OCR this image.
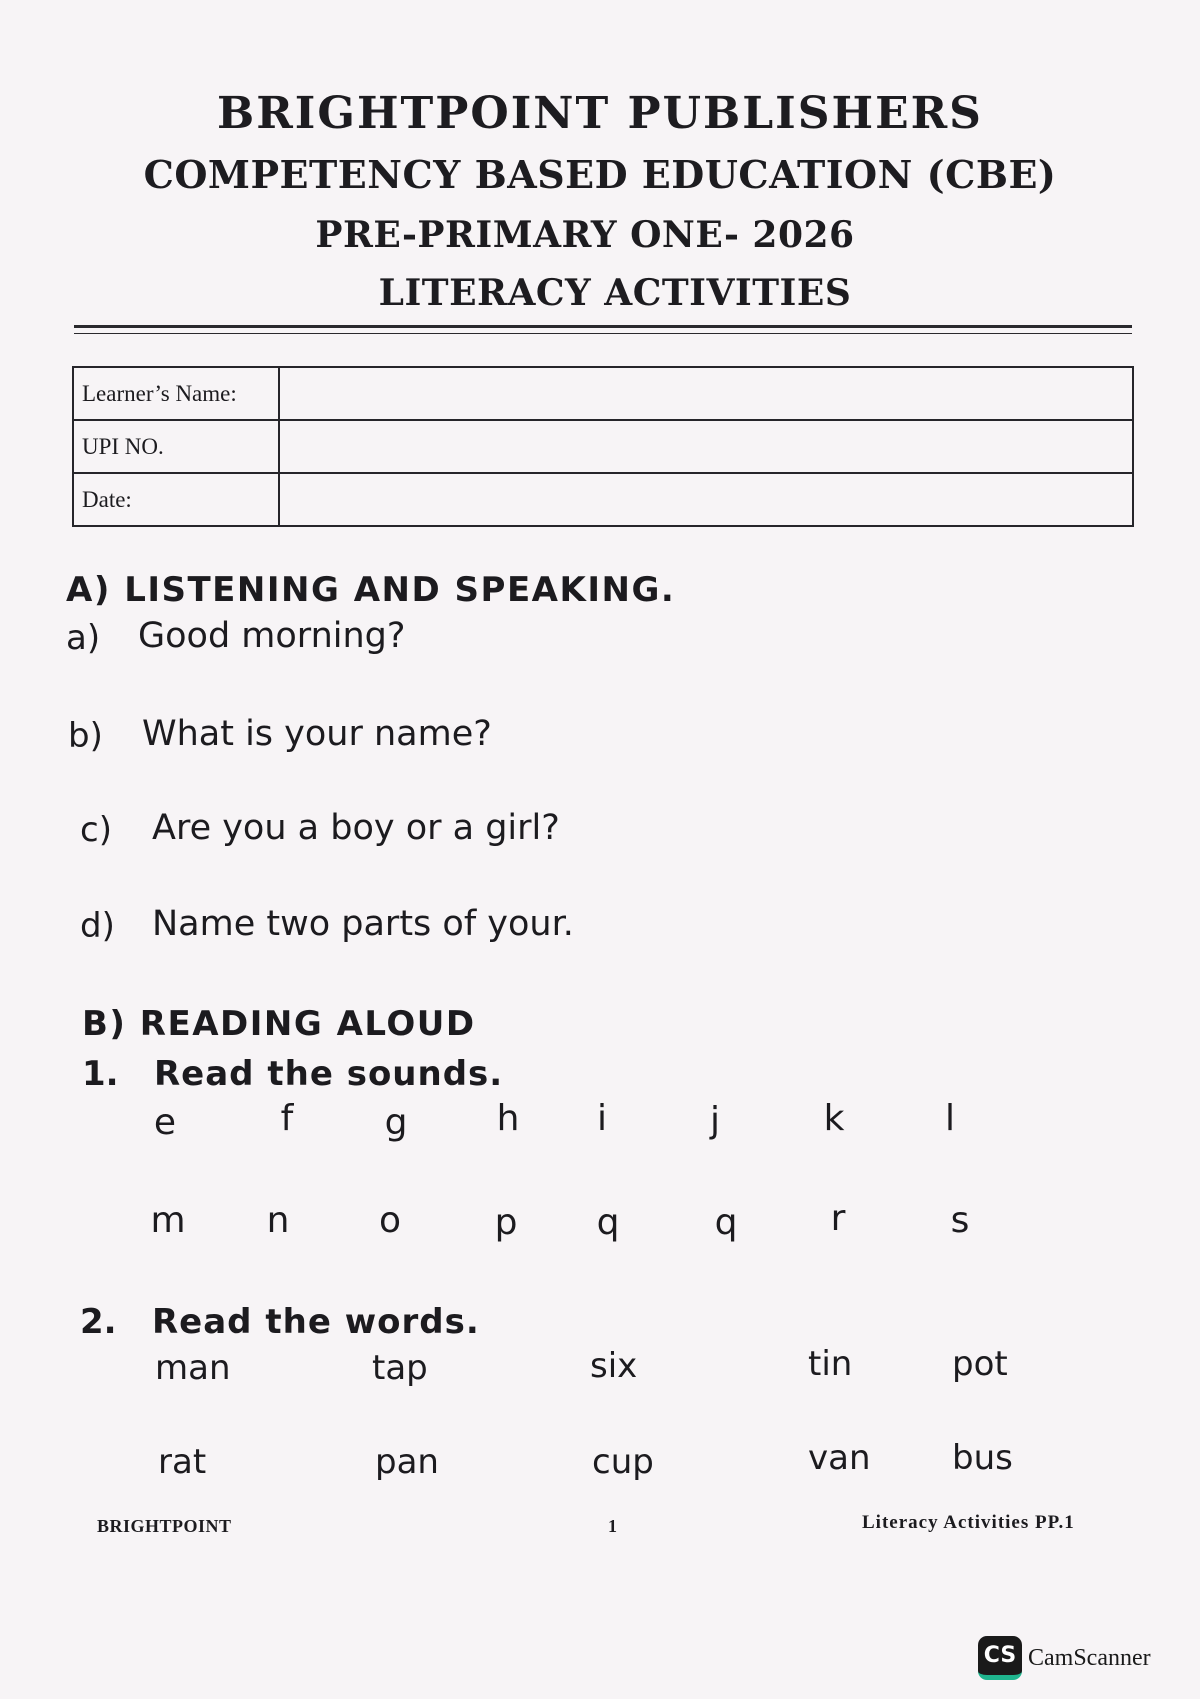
BRIGHTPOINT PUBLISHERS
COMPETENCY BASED EDUCATION (CBE)
PRE-PRIMARY ONE- 2026
LITERACY ACTIVITIES
Learner’s Name:	
UPI NO.	
Date:	
A) LISTENING AND SPEAKING.
a) Good morning?
b) What is your name?
c) Are you a boy or a girl?
d) Name two parts of your.
B) READING ALOUD
1. Read the sounds.
e	f	g h	i	j	k	l
m n o	p q	q	r	s
2. Read the words.
man	tap	six	tin	pot
rat	pan	cup	van bus
BRIGHTPOINT	1	Literacy Activities PP.1
CS CamScanner
